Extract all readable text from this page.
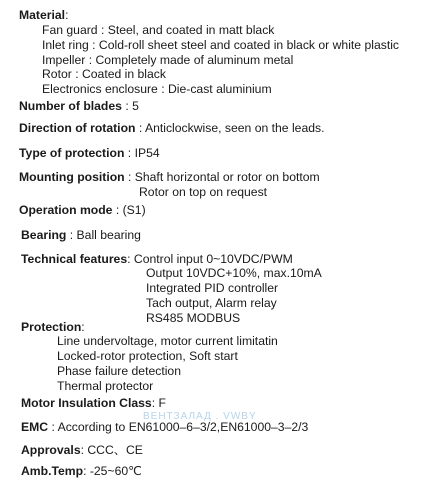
Material:
Fan guard : Steel, and coated in matt black
Inlet ring : Cold-roll sheet steel and coated in black or white plastic
Impeller : Completely made of aluminum metal
Rotor : Coated in black
Electronics enclosure : Die-cast aluminium
Number of blades : 5
Direction of rotation : Anticlockwise, seen on the leads.
Type of protection : IP54
Mounting position : Shaft horizontal or rotor on bottom
Rotor on top on request
Operation mode : (S1)
Bearing : Ball bearing
Technical features: Control input 0~10VDC/PWM
Output 10VDC+10%, max.10mA
Integrated PID controller
Tach output, Alarm relay
RS485 MODBUS
Protection:
Line undervoltage, motor current limitatin
Locked-rotor protection, Soft start
Phase failure detection
Thermal protector
Motor Insulation Class: F
ВЕНТЗАЛАД . VWBY
EMC : According to EN61000–6–3/2,EN61000–3–2/3
Approvals: CCC、CE
Amb.Temp: -25~60℃
